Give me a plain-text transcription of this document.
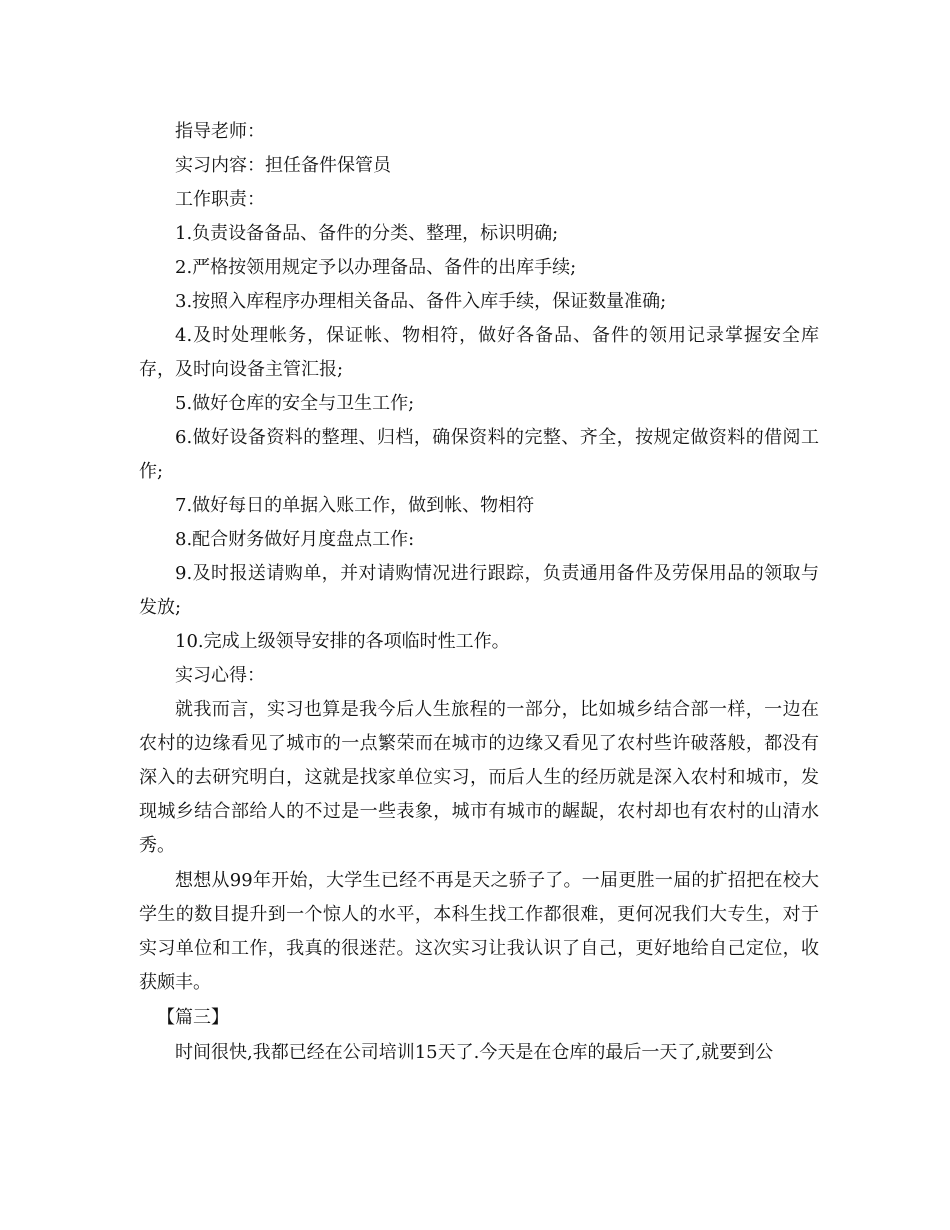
指导老师：

实习内容：担任备件保管员

工作职责：

1.负责设备备品、备件的分类、整理，标识明确;

2.严格按领用规定予以办理备品、备件的出库手续;

3.按照入库程序办理相关备品、备件入库手续，保证数量准确;

4.及时处理帐务，保证帐、物相符，做好各备品、备件的领用记录掌握安全库存，及时向设备主管汇报;

5.做好仓库的安全与卫生工作;

6.做好设备资料的整理、归档，确保资料的完整、齐全，按规定做资料的借阅工作;

7.做好每日的单据入账工作，做到帐、物相符

8.配合财务做好月度盘点工作:

9.及时报送请购单，并对请购情况进行跟踪，负责通用备件及劳保用品的领取与发放;

10.完成上级领导安排的各项临时性工作。

实习心得：

就我而言，实习也算是我今后人生旅程的一部分，比如城乡结合部一样，一边在农村的边缘看见了城市的一点繁荣而在城市的边缘又看见了农村些许破落般，都没有深入的去研究明白，这就是找家单位实习，而后人生的经历就是深入农村和城市，发现城乡结合部给人的不过是一些表象，城市有城市的龌龊，农村却也有农村的山清水秀。

想想从99年开始，大学生已经不再是天之骄子了。一届更胜一届的扩招把在校大学生的数目提升到一个惊人的水平，本科生找工作都很难，更何况我们大专生，对于实习单位和工作，我真的很迷茫。这次实习让我认识了自己，更好地给自己定位，收获颇丰。

【篇三】

时间很快,我都已经在公司培训15天了.今天是在仓库的最后一天了,就要到公
